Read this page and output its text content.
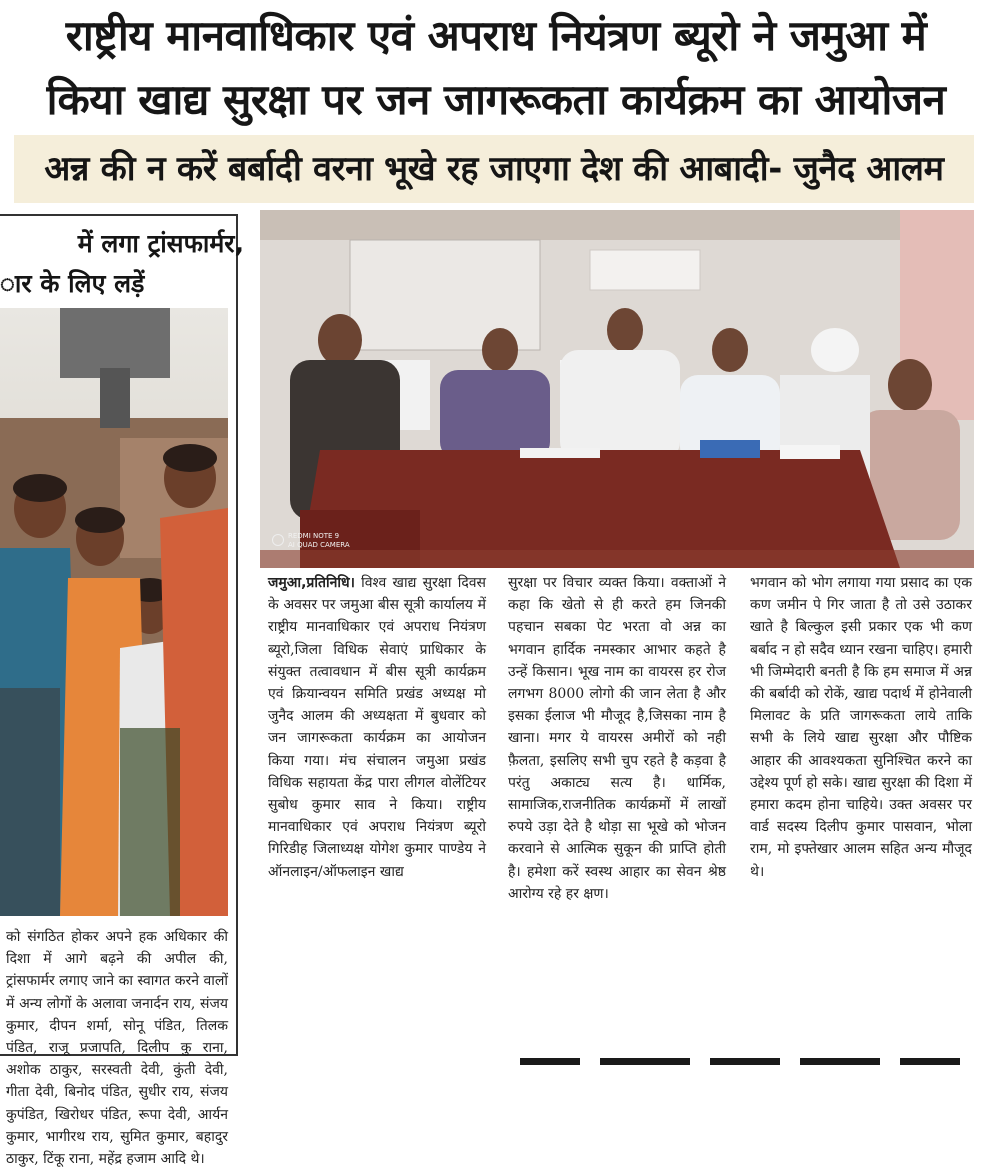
राष्ट्रीय मानवाधिकार एवं अपराध नियंत्रण ब्यूरो ने जमुआ में
किया खाद्य सुरक्षा पर जन जागरूकता कार्यक्रम का आयोजन
अन्न की न करें बर्बादी वरना भूखे रह जाएगा देश की आबादी- जुनैद आलम
में लगा ट्रांसफार्मर,
ार के लिए लड़ें
को संगठित होकर अपने हक अधिकार की दिशा में आगे बढ़ने की अपील की, ट्रांसफार्मर लगाए जाने का स्वागत करने वालों में अन्य लोगों के अलावा जनार्दन राय, संजय कुमार, दीपन शर्मा, सोनू पंडित, तिलक पंडित, राजू प्रजापति, दिलीप कु राना, अशोक ठाकुर, सरस्वती देवी, कुंती देवी, गीता देवी, बिनोद पंडित, सुधीर राय, संजय कुपंडित, खिरोधर पंडित, रूपा देवी, आर्यन कुमार, भागीरथ राय, सुमित कुमार, बहादुर ठाकुर, टिंकू राना, महेंद्र हजाम आदि थे।
REDMI NOTE 9
AI QUAD CAMERA
जमुआ,प्रतिनिधि। विश्व खाद्य सुरक्षा दिवस के अवसर पर जमुआ बीस सूत्री कार्यालय में राष्ट्रीय मानवाधिकार एवं अपराध नियंत्रण ब्यूरो,जिला विधिक सेवाएं प्राधिकार के संयुक्त तत्वावधान में बीस सूत्री कार्यक्रम एवं क्रियान्वयन समिति प्रखंड अध्यक्ष मो जुनैद आलम की अध्यक्षता में बुधवार को जन जागरूकता कार्यक्रम का आयोजन किया गया। मंच संचालन जमुआ प्रखंड विधिक सहायता केंद्र पारा लीगल वोलेंटियर सुबोध कुमार साव ने किया। राष्ट्रीय मानवाधिकार एवं अपराध नियंत्रण ब्यूरो गिरिडीह जिलाध्यक्ष योगेश कुमार पाण्डेय ने ऑनलाइन/ऑफलाइन खाद्य
सुरक्षा पर विचार व्यक्त किया। वक्ताओं ने कहा कि खेतो से ही करते हम जिनकी पहचान सबका पेट भरता वो अन्न का भगवान हार्दिक नमस्कार आभार कहते है उन्हें किसान। भूख नाम का वायरस हर रोज लगभग 8000 लोगो की जान लेता है और इसका ईलाज भी मौजूद है,जिसका नाम है खाना। मगर ये वायरस अमीरों को नही फ़ैलता, इसलिए सभी चुप रहते है कड़वा है परंतु अकाट्य सत्य है। धार्मिक, सामाजिक,राजनीतिक कार्यक्रमों में लाखों रुपये उड़ा देते है थोड़ा सा भूखे को भोजन करवाने से आत्मिक सुकून की प्राप्ति होती है। हमेशा करें स्वस्थ आहार का सेवन श्रेष्ठ आरोग्य रहे हर क्षण।
भगवान को भोग लगाया गया प्रसाद का एक कण जमीन पे गिर जाता है तो उसे उठाकर खाते है बिल्कुल इसी प्रकार एक भी कण बर्बाद न हो सदैव ध्यान रखना चाहिए। हमारी भी जिम्मेदारी बनती है कि हम समाज में अन्न की बर्बादी को रोकें, खाद्य पदार्थ में होनेवाली मिलावट के प्रति जागरूकता लाये ताकि सभी के लिये खाद्य सुरक्षा और पौष्टिक आहार की आवश्यकता सुनिश्चित करने का उद्देश्य पूर्ण हो सके। खाद्य सुरक्षा की दिशा में हमारा कदम होना चाहिये। उक्त अवसर पर वार्ड सदस्य दिलीप कुमार पासवान, भोला राम, मो इफ्तेखार आलम सहित अन्य मौजूद थे।
